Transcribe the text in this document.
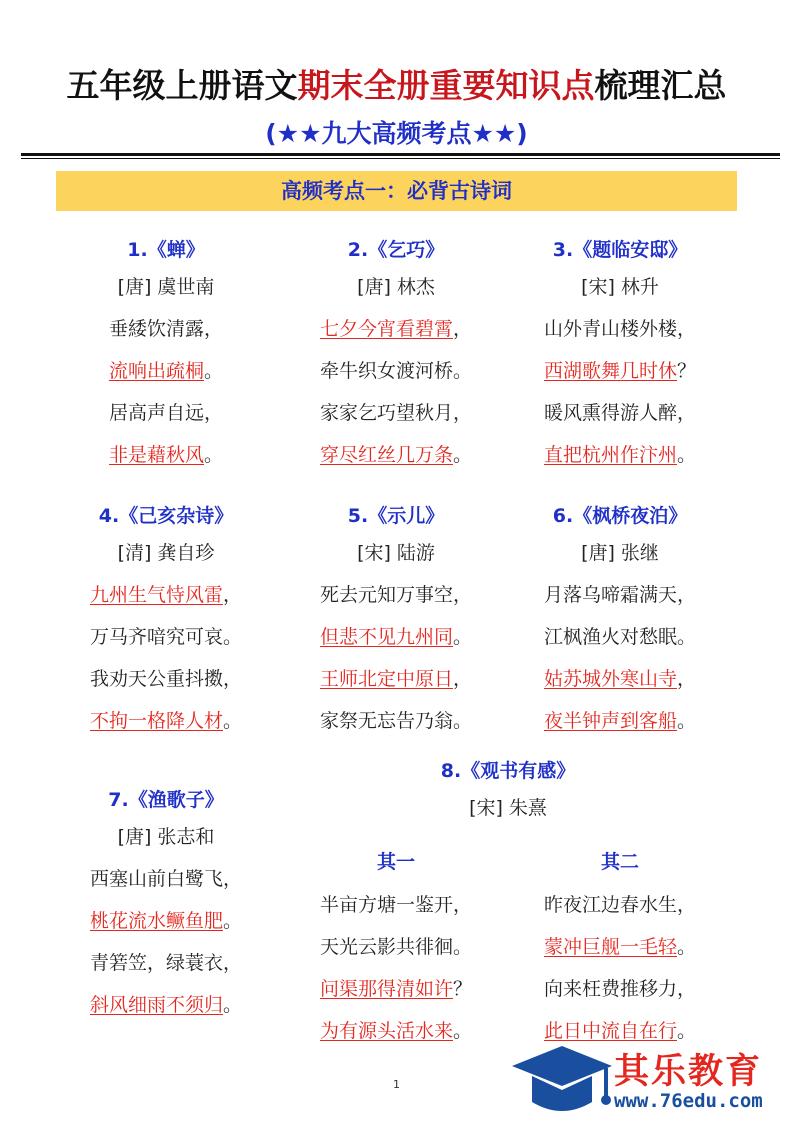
五年级上册语文期末全册重要知识点梳理汇总
(★★九大高频考点★★)
高频考点一：必背古诗词
1.《蝉》
[唐] 虞世南
垂緌饮清露，
流响出疏桐。
居高声自远，
非是藉秋风。
2.《乞巧》
[唐] 林杰
七夕今宵看碧霄，
牵牛织女渡河桥。
家家乞巧望秋月，
穿尽红丝几万条。
3.《题临安邸》
[宋] 林升
山外青山楼外楼，
西湖歌舞几时休？
暖风熏得游人醉，
直把杭州作汴州。
4.《己亥杂诗》
[清] 龚自珍
九州生气恃风雷，
万马齐喑究可哀。
我劝天公重抖擞，
不拘一格降人材。
5.《示儿》
[宋] 陆游
死去元知万事空，
但悲不见九州同。
王师北定中原日，
家祭无忘告乃翁。
6.《枫桥夜泊》
[唐] 张继
月落乌啼霜满天，
江枫渔火对愁眠。
姑苏城外寒山寺，
夜半钟声到客船。
7.《渔歌子》
[唐] 张志和
西塞山前白鹭飞，
桃花流水鳜鱼肥。
青箬笠，绿蓑衣，
斜风细雨不须归。
8.《观书有感》
[宋] 朱熹
其一
半亩方塘一鉴开，
天光云影共徘徊。
问渠那得清如许？
为有源头活水来。
其二
昨夜江边春水生，
蒙冲巨舰一毛轻。
向来枉费推移力，
此日中流自在行。
1	其乐教育
www.76edu.com
